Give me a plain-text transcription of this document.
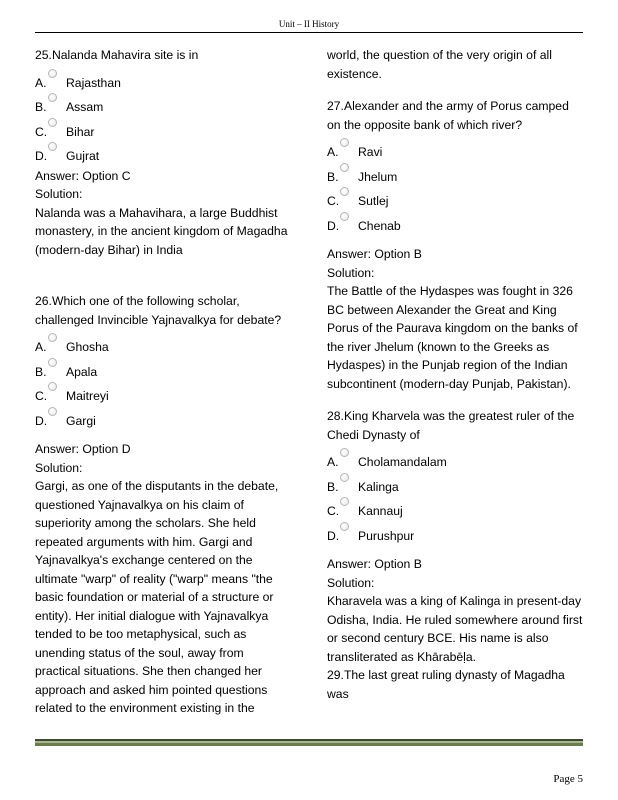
Unit – II History
25.Nalanda Mahavira site is in
A. Rajasthan
B. Assam
C. Bihar
D. Gujrat
Answer: Option C
Solution:
Nalanda was a Mahavihara, a large Buddhist monastery, in the ancient kingdom of Magadha (modern-day Bihar) in India
26.Which one of the following scholar, challenged Invincible Yajnavalkya for debate?
A. Ghosha
B. Apala
C. Maitreyi
D. Gargi
Answer: Option D
Solution:
Gargi, as one of the disputants in the debate, questioned Yajnavalkya on his claim of superiority among the scholars. She held repeated arguments with him. Gargi and Yajnavalkya's exchange centered on the ultimate "warp" of reality ("warp" means "the basic foundation or material of a structure or entity). Her initial dialogue with Yajnavalkya tended to be too metaphysical, such as unending status of the soul, away from practical situations. She then changed her approach and asked him pointed questions related to the environment existing in the
world, the question of the very origin of all existence.
27.Alexander and the army of Porus camped on the opposite bank of which river?
A. Ravi
B. Jhelum
C. Sutlej
D. Chenab
Answer: Option B
Solution:
The Battle of the Hydaspes was fought in 326 BC between Alexander the Great and King Porus of the Paurava kingdom on the banks of the river Jhelum (known to the Greeks as Hydaspes) in the Punjab region of the Indian subcontinent (modern-day Punjab, Pakistan).
28.King Kharvela was the greatest ruler of the Chedi Dynasty of
A. Cholamandalam
B. Kalinga
C. Kannauj
D. Purushpur
Answer: Option B
Solution:
Kharavela was a king of Kalinga in present-day Odisha, India. He ruled somewhere around first or second century BCE. His name is also transliterated as Khārabēḷa.
29.The last great ruling dynasty of Magadha was
Page 5
